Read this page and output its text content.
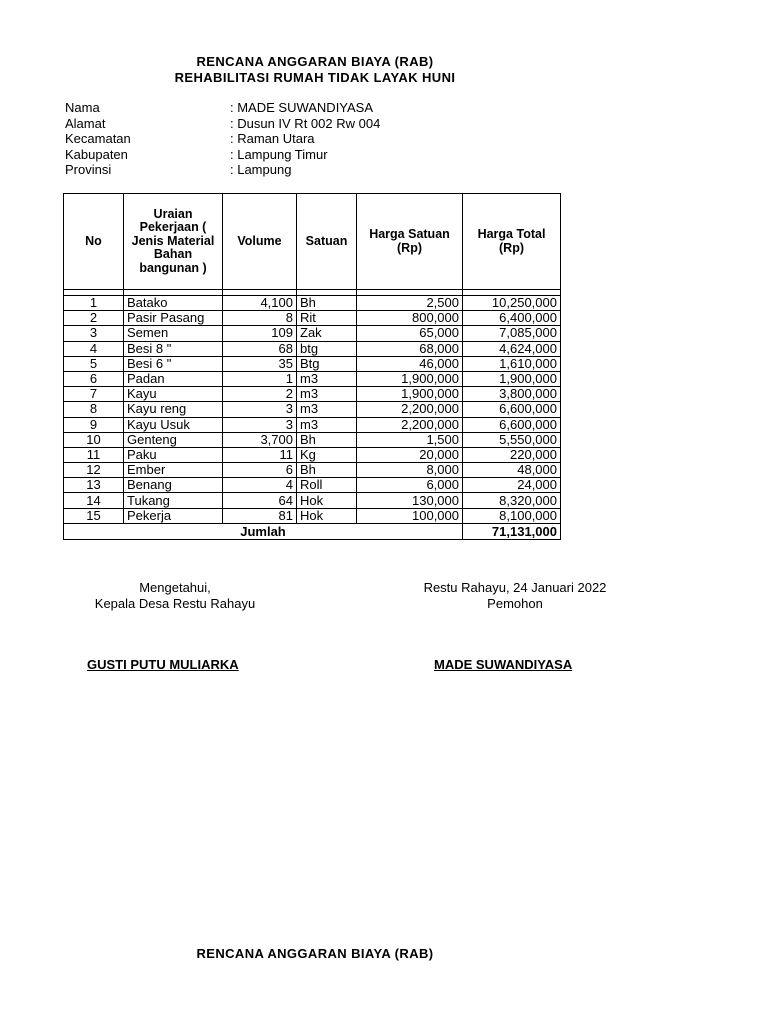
RENCANA ANGGARAN BIAYA (RAB)
REHABILITASI RUMAH TIDAK LAYAK HUNI
Nama	: MADE SUWANDIYASA
Alamat	: Dusun IV Rt 002 Rw 004
Kecamatan	: Raman Utara
Kabupaten	: Lampung Timur
Provinsi	: Lampung
No	Uraian Pekerjaan ( Jenis Material Bahan bangunan )	Volume	Satuan	Harga Satuan (Rp)	Harga Total (Rp)

1	Batako	4,100	Bh	2,500	10,250,000
2	Pasir Pasang	8	Rit	800,000	6,400,000
3	Semen	109	Zak	65,000	7,085,000
4	Besi 8 "	68	btg	68,000	4,624,000
5	Besi 6 "	35	Btg	46,000	1,610,000
6	Padan	1	m3	1,900,000	1,900,000
7	Kayu	2	m3	1,900,000	3,800,000
8	Kayu reng	3	m3	2,200,000	6,600,000
9	Kayu Usuk	3	m3	2,200,000	6,600,000
10	Genteng	3,700	Bh	1,500	5,550,000
11	Paku	11	Kg	20,000	220,000
12	Ember	6	Bh	8,000	48,000
13	Benang	4	Roll	6,000	24,000
14	Tukang	64	Hok	130,000	8,320,000
15	Pekerja	81	Hok	100,000	8,100,000
Jumlah					71,131,000
Mengetahui,
Kepala Desa Restu Rahayu
Restu Rahayu, 24 Januari 2022
Pemohon
GUSTI PUTU MULIARKA	MADE SUWANDIYASA
RENCANA ANGGARAN BIAYA (RAB)
